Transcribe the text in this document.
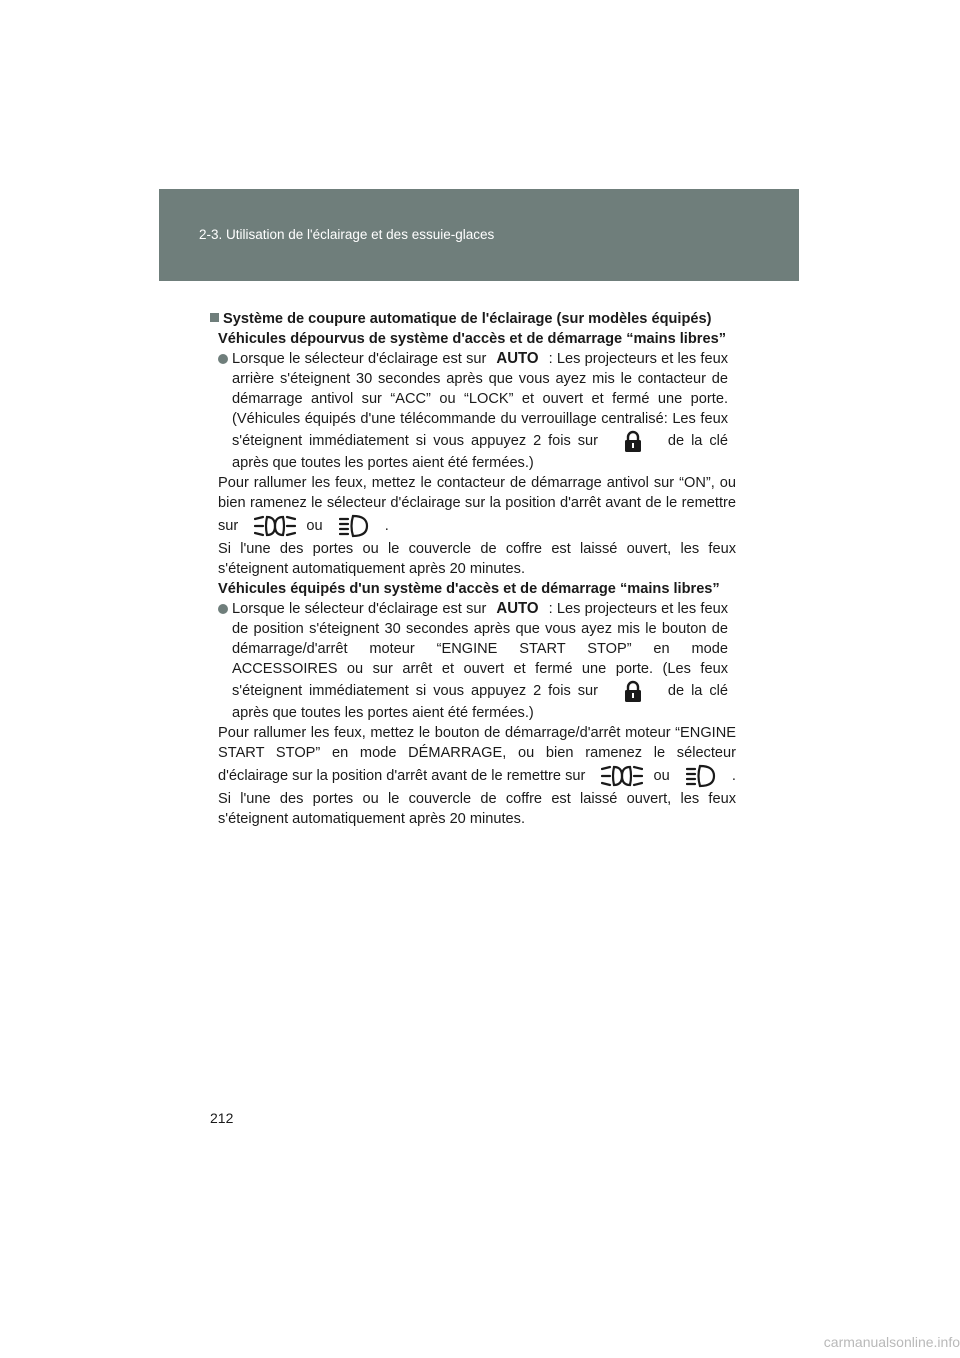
2-3. Utilisation de l'éclairage et des essuie-glaces

Système de coupure automatique de l'éclairage (sur modèles équipés)

Véhicules dépourvus de système d'accès et de démarrage “mains libres”

Lorsque le sélecteur d'éclairage est sur AUTO : Les projecteurs et les feux arrière s'éteignent 30 secondes après que vous ayez mis le contacteur de démarrage antivol sur “ACC” ou “LOCK” et ouvert et fermé une porte. (Véhicules équipés d'une télécommande du verrouillage centralisé: Les feux s'éteignent immédiatement si vous appuyez 2 fois sur	de la clé après que toutes les portes aient été fermées.)

Pour rallumer les feux, mettez le contacteur de démarrage antivol sur “ON”, ou bien ramenez le sélecteur d'éclairage sur la position d'arrêt avant de le remettre sur	ou	.

Si l'une des portes ou le couvercle de coffre est laissé ouvert, les feux s'éteignent automatiquement après 20 minutes.

Véhicules équipés d'un système d'accès et de démarrage “mains libres”

Lorsque le sélecteur d'éclairage est sur AUTO : Les projecteurs et les feux de position s'éteignent 30 secondes après que vous ayez mis le bouton de démarrage/d'arrêt moteur “ENGINE START STOP” en mode ACCESSOIRES ou sur arrêt et ouvert et fermé une porte. (Les feux s'éteignent immédiatement si vous appuyez 2 fois sur	de la clé après que toutes les portes aient été fermées.)

Pour rallumer les feux, mettez le bouton de démarrage/d'arrêt moteur “ENGINE START STOP” en mode DÉMARRAGE, ou bien ramenez le sélecteur d'éclairage sur la position d'arrêt avant de le remettre sur	ou	.

Si l'une des portes ou le couvercle de coffre est laissé ouvert, les feux s'éteignent automatiquement après 20 minutes.

212
carmanualsonline.info
